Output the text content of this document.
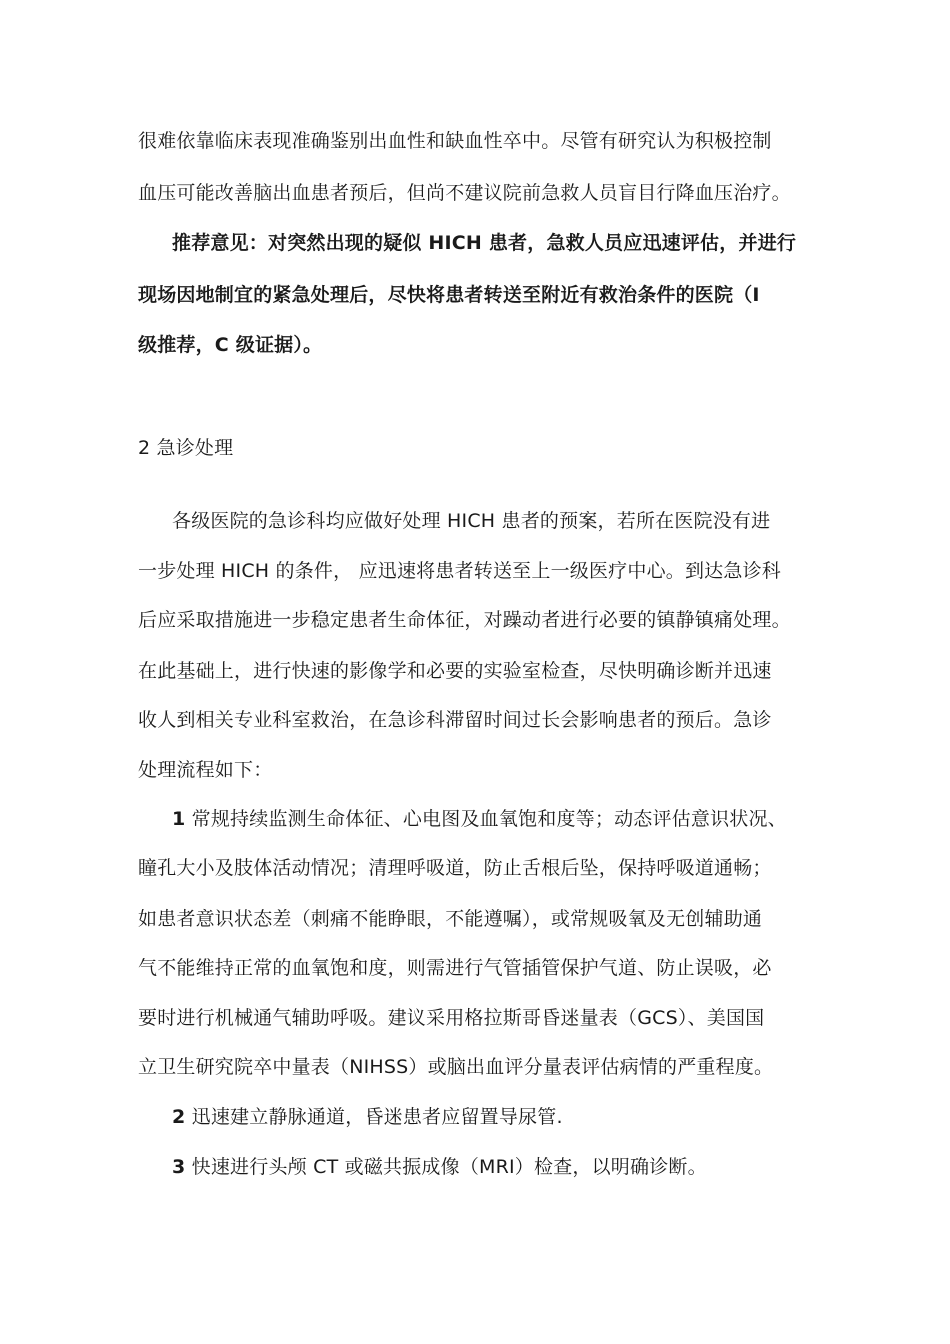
很难依靠临床表现准确鉴别出血性和缺血性卒中。尽管有研究认为积极控制
血压可能改善脑出血患者预后，但尚不建议院前急救人员盲目行降血压治疗。
推荐意见：对突然出现的疑似 HICH 患者，急救人员应迅速评估，并进行
现场因地制宜的紧急处理后，尽快将患者转送至附近有救治条件的医院（Ⅰ
级推荐，C 级证据）。
2 急诊处理
各级医院的急诊科均应做好处理 HICH 患者的预案，若所在医院没有进
一步处理 HICH 的条件， 应迅速将患者转送至上一级医疗中心。到达急诊科
后应采取措施进一步稳定患者生命体征，对躁动者进行必要的镇静镇痛处理。
在此基础上，进行快速的影像学和必要的实验室检查，尽快明确诊断并迅速
收人到相关专业科室救治，在急诊科滞留时间过长会影响患者的预后。急诊
处理流程如下：
1 常规持续监测生命体征、心电图及血氧饱和度等；动态评估意识状况、
瞳孔大小及肢体活动情况；清理呼吸道，防止舌根后坠，保持呼吸道通畅；
如患者意识状态差（刺痛不能睁眼，不能遵嘱），或常规吸氧及无创辅助通
气不能维持正常的血氧饱和度，则需进行气管插管保护气道、防止误吸，必
要时进行机械通气辅助呼吸。建议采用格拉斯哥昏迷量表（GCS）、美国国
立卫生研究院卒中量表（NIHSS）或脑出血评分量表评估病情的严重程度。
2 迅速建立静脉通道，昏迷患者应留置导尿管.
3 快速进行头颅 CT 或磁共振成像（MRI）检查，以明确诊断。
